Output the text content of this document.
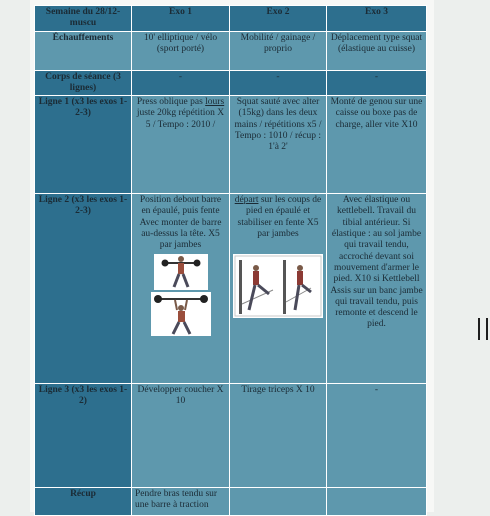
Semaine du 28/12- muscu	Exo 1	Exo 2	Exo 3
Échauffements	10' elliptique / vélo (sport porté)	Mobilité / gainage / proprio	Déplacement type squat (élastique au cuisse)
Corps de séance (3 lignes)	-	-	-
Ligne 1 (x3 les exos 1-2-3)	Press oblique pas lours juste 20kg répétition X 5 / Tempo : 2010 /	Squat sauté avec alter (15kg) dans les deux mains / répétitions x5 / Tempo : 1010 / récup : 1'à 2'	Monté de genou sur une caisse ou boxe pas de charge, aller vite X10
Ligne 2 (x3 les exos 1-2-3)	Position debout barre en épaulé, puis fente Avec monter de barre au-dessus la tête. X5 par jambes	départ sur les coups de pied en épaulé et stabiliser en fente X5 par jambes	Avec élastique ou kettlebell. Travail du tibial antérieur. Si élastique : au sol jambe qui travail tendu, accroché devant soi mouvement d'armer le pied. X10 si Kettlebell Assis sur un banc jambe qui travail tendu, puis remonte et descend le pied.
Ligne 3 (x3 les exos 1-2)	Développer coucher X 10	Tirage triceps X 10	-
Récup	Pendre bras tendu sur une barre à traction		
